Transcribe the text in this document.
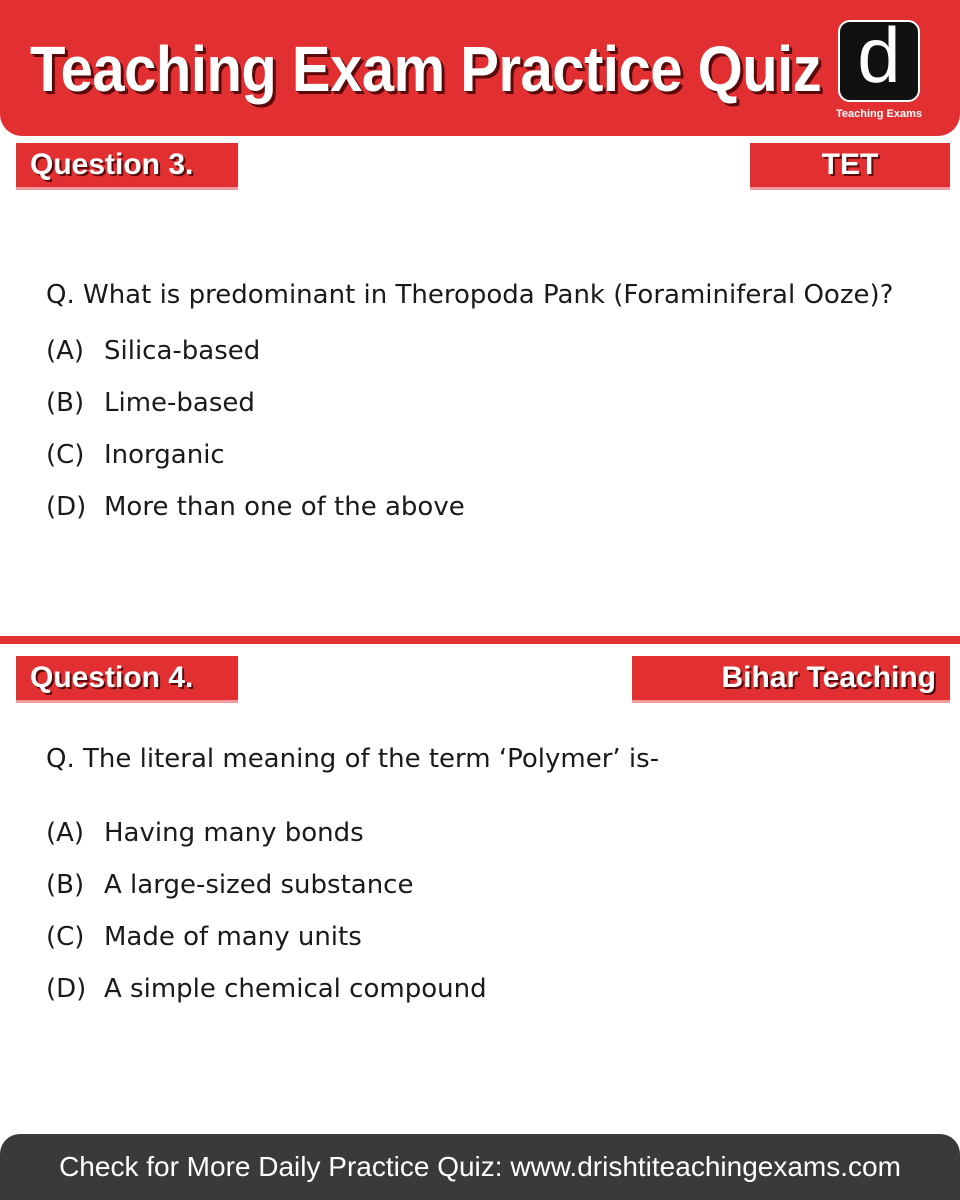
Teaching Exam Practice Quiz d
Teaching Exams
Question 3.	TET
Q. What is predominant in Theropoda Pank (Foraminiferal Ooze)?
(A) Silica-based
(B) Lime-based
(C) Inorganic
(D) More than one of the above
Question 4.	Bihar Teaching
Q. The literal meaning of the term ‘Polymer’ is-
(A) Having many bonds
(B) A large-sized substance
(C) Made of many units
(D) A simple chemical compound
Check for More Daily Practice Quiz: www.drishtiteachingexams.com
